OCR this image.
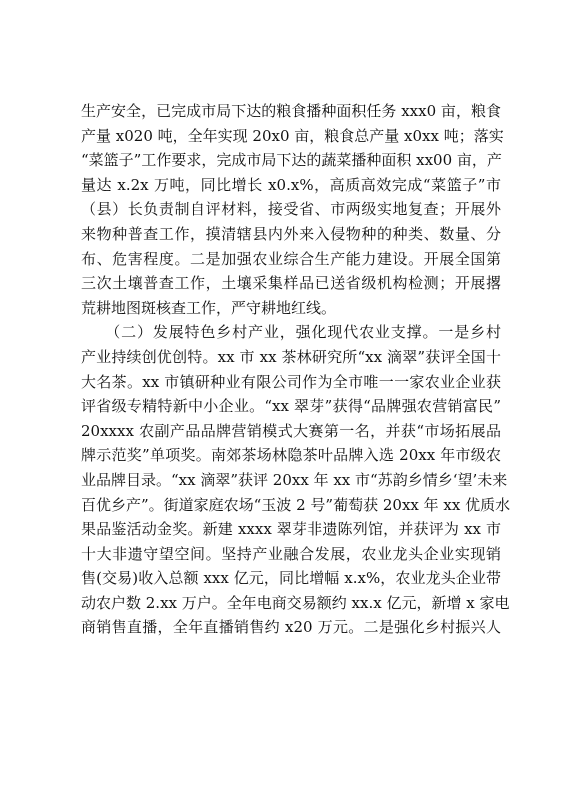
生产安全，已完成市局下达的粮食播种面积任务 xxx0 亩，粮食
产量 x020 吨，全年实现 20x0 亩，粮食总产量 x0xx 吨；落实
“菜篮子”工作要求，完成市局下达的蔬菜播种面积 xx00 亩，产
量达 x.2x 万吨，同比增长 x0.x%，高质高效完成“菜篮子”市
（县）长负责制自评材料，接受省、市两级实地复查；开展外
来物种普查工作，摸清辖县内外来入侵物种的种类、数量、分
布、危害程度。二是加强农业综合生产能力建设。开展全国第
三次土壤普查工作，土壤采集样品已送省级机构检测；开展撂
荒耕地图斑核查工作，严守耕地红线。
　　（二）发展特色乡村产业，强化现代农业支撑。一是乡村
产业持续创优创特。xx 市 xx 茶林研究所“xx 滴翠”获评全国十
大名茶。xx 市镇研种业有限公司作为全市唯一一家农业企业获
评省级专精特新中小企业。“xx 翠芽”获得“品牌强农营销富民”
20xxxx 农副产品品牌营销模式大赛第一名，并获“市场拓展品
牌示范奖”单项奖。南郊茶场林隐茶叶品牌入选 20xx 年市级农
业品牌目录。“xx 滴翠”获评 20xx 年 xx 市“苏韵乡情乡‘望’未来
百优乡产”。街道家庭农场“玉波 2 号”葡萄获 20xx 年 xx 优质水
果品鉴活动金奖。新建 xxxx 翠芽非遗陈列馆，并获评为 xx 市
十大非遗守望空间。坚持产业融合发展，农业龙头企业实现销
售(交易)收入总额 xxx 亿元，同比增幅 x.x%，农业龙头企业带
动农户数 2.xx 万户。全年电商交易额约 xx.x 亿元，新增 x 家电
商销售直播，全年直播销售约 x20 万元。二是强化乡村振兴人
